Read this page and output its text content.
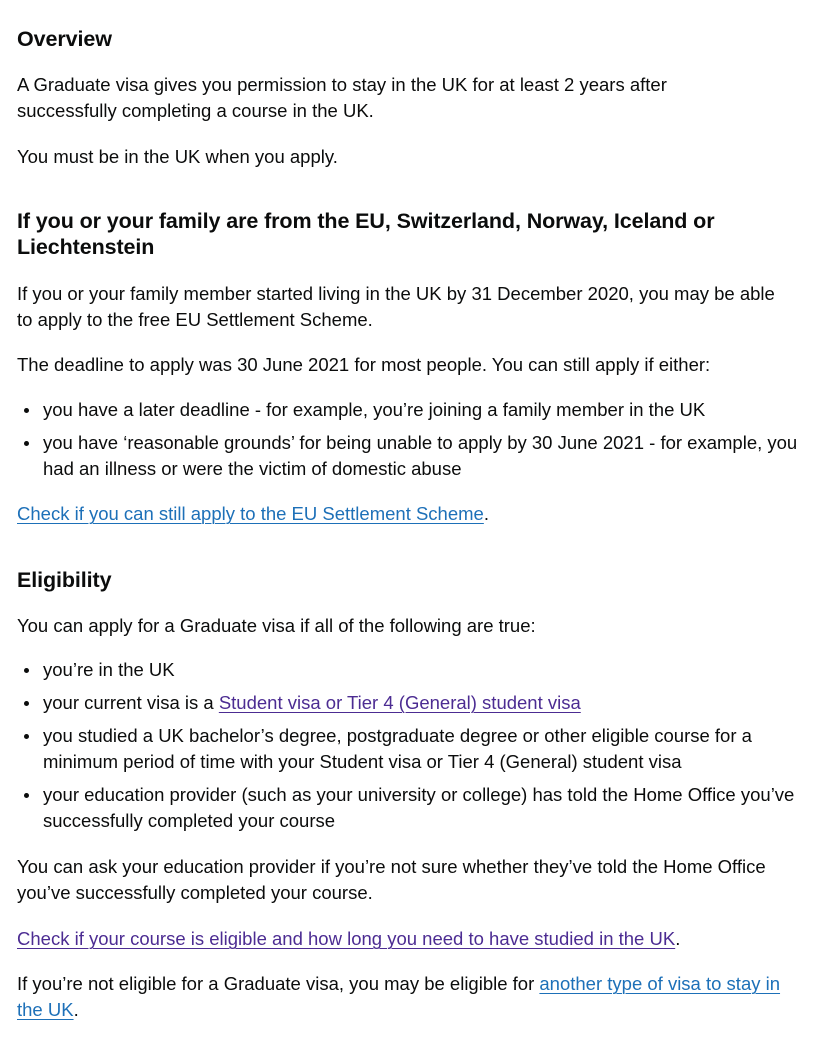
Overview

A Graduate visa gives you permission to stay in the UK for at least 2 years after successfully completing a course in the UK.

You must be in the UK when you apply.

If you or your family are from the EU, Switzerland, Norway, Iceland or Liechtenstein

If you or your family member started living in the UK by 31 December 2020, you may be able to apply to the free EU Settlement Scheme.

The deadline to apply was 30 June 2021 for most people. You can still apply if either:

you have a later deadline - for example, you’re joining a family member in the UK
you have ‘reasonable grounds’ for being unable to apply by 30 June 2021 - for example, you had an illness or were the victim of domestic abuse

Check if you can still apply to the EU Settlement Scheme.

Eligibility

You can apply for a Graduate visa if all of the following are true:

you’re in the UK
your current visa is a Student visa or Tier 4 (General) student visa
you studied a UK bachelor’s degree, postgraduate degree or other eligible course for a minimum period of time with your Student visa or Tier 4 (General) student visa
your education provider (such as your university or college) has told the Home Office you’ve successfully completed your course

You can ask your education provider if you’re not sure whether they’ve told the Home Office you’ve successfully completed your course.

Check if your course is eligible and how long you need to have studied in the UK.

If you’re not eligible for a Graduate visa, you may be eligible for another type of visa to stay in the UK.
